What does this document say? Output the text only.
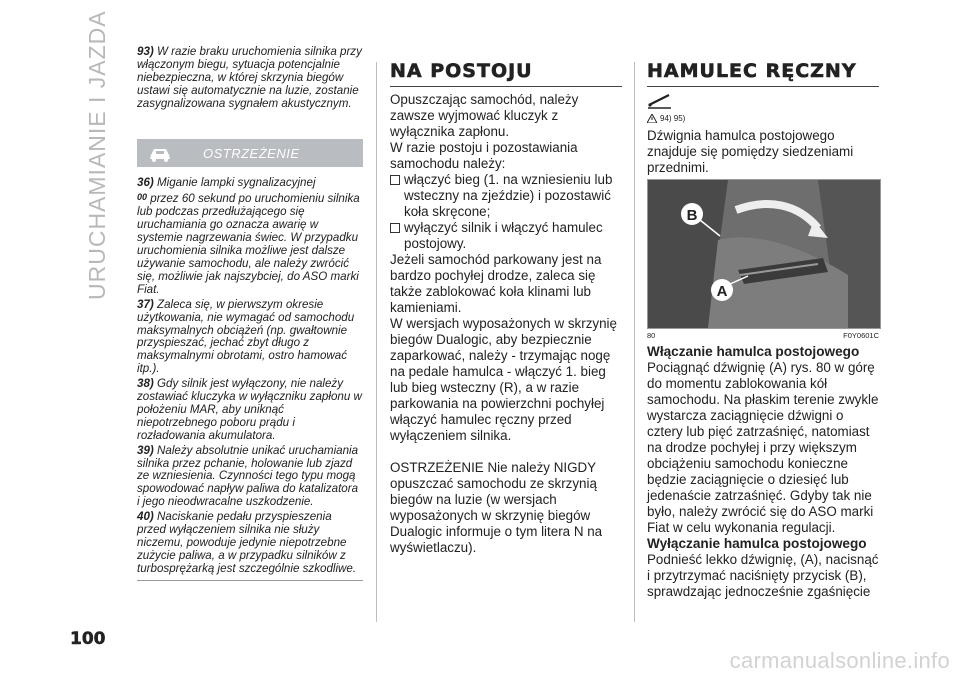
URUCHAMIANIE I JAZDA 93) W razie braku uruchomienia silnika przy włączonym biegu, sytuacja potencjalnie niebezpieczna, w której skrzynia biegów ustawi się automatycznie na luzie, zostanie zasygnalizowana sygnałem akustycznym.

OSTRZEŻENIE

36) Miganie lampki sygnalizacyjnej

00 przez 60 sekund po uruchomieniu silnika lub podczas przedłużającego się uruchamiania go oznacza awarię w systemie nagrzewania świec. W przypadku uruchomienia silnika możliwe jest dalsze używanie samochodu, ale należy zwrócić się, możliwie jak najszybciej, do ASO marki Fiat.

37) Zaleca się, w pierwszym okresie użytkowania, nie wymagać od samochodu maksymalnych obciążeń (np. gwałtownie przyspieszać, jechać zbyt długo z maksymalnymi obrotami, ostro hamować itp.).

38) Gdy silnik jest wyłączony, nie należy zostawiać kluczyka w wyłączniku zapłonu w położeniu MAR, aby uniknąć niepotrzebnego poboru prądu i rozładowania akumulatora.

39) Należy absolutnie unikać uruchamiania silnika przez pchanie, holowanie lub zjazd ze wzniesienia. Czynności tego typu mogą spowodować napływ paliwa do katalizatora i jego nieodwracalne uszkodzenie.

40) Naciskanie pedału przyspieszenia przed wyłączeniem silnika nie służy niczemu, powoduje jedynie niepotrzebne zużycie paliwa, a w przypadku silników z turbosprężarką jest szczególnie szkodliwe.

NA POSTOJU

Opuszczając samochód, należy zawsze wyjmować kluczyk z wyłącznika zapłonu.

W razie postoju i pozostawiania samochodu należy:

włączyć bieg (1. na wzniesieniu lub wsteczny na zjeździe) i pozostawić koła skręcone;

wyłączyć silnik i włączyć hamulec postojowy.

Jeżeli samochód parkowany jest na bardzo pochyłej drodze, zaleca się także zablokować koła klinami lub kamieniami.

W wersjach wyposażonych w skrzynię biegów Dualogic, aby bezpiecznie zaparkować, należy - trzymając nogę na pedale hamulca - włączyć 1. bieg lub bieg wsteczny (R), a w razie parkowania na powierzchni pochyłej włączyć hamulec ręczny przed wyłączeniem silnika.

OSTRZEŻENIE Nie należy NIGDY opuszczać samochodu ze skrzynią biegów na luzie (w wersjach wyposażonych w skrzynię biegów Dualogic informuje o tym litera N na wyświetlaczu).

HAMULEC RĘCZNY
94) 95)

Dźwignia hamulca postojowego znajduje się pomiędzy siedzeniami przednimi.

B
A
80	F0Y0601C

Włączanie hamulca postojowego

Pociągnąć dźwignię (A) rys. 80 w górę do momentu zablokowania kół samochodu. Na płaskim terenie zwykle wystarcza zaciągnięcie dźwigni o cztery lub pięć zatrzaśnięć, natomiast na drodze pochyłej i przy większym obciążeniu samochodu konieczne będzie zaciągnięcie o dziesięć lub jedenaście zatrzaśnięć. Gdyby tak nie było, należy zwrócić się do ASO marki Fiat w celu wykonania regulacji.

Wyłączanie hamulca postojowego

Podnieść lekko dźwignię, (A), nacisnąć i przytrzymać naciśnięty przycisk (B), sprawdzając jednocześnie zgaśnięcie

100
carmanualsonline.info
